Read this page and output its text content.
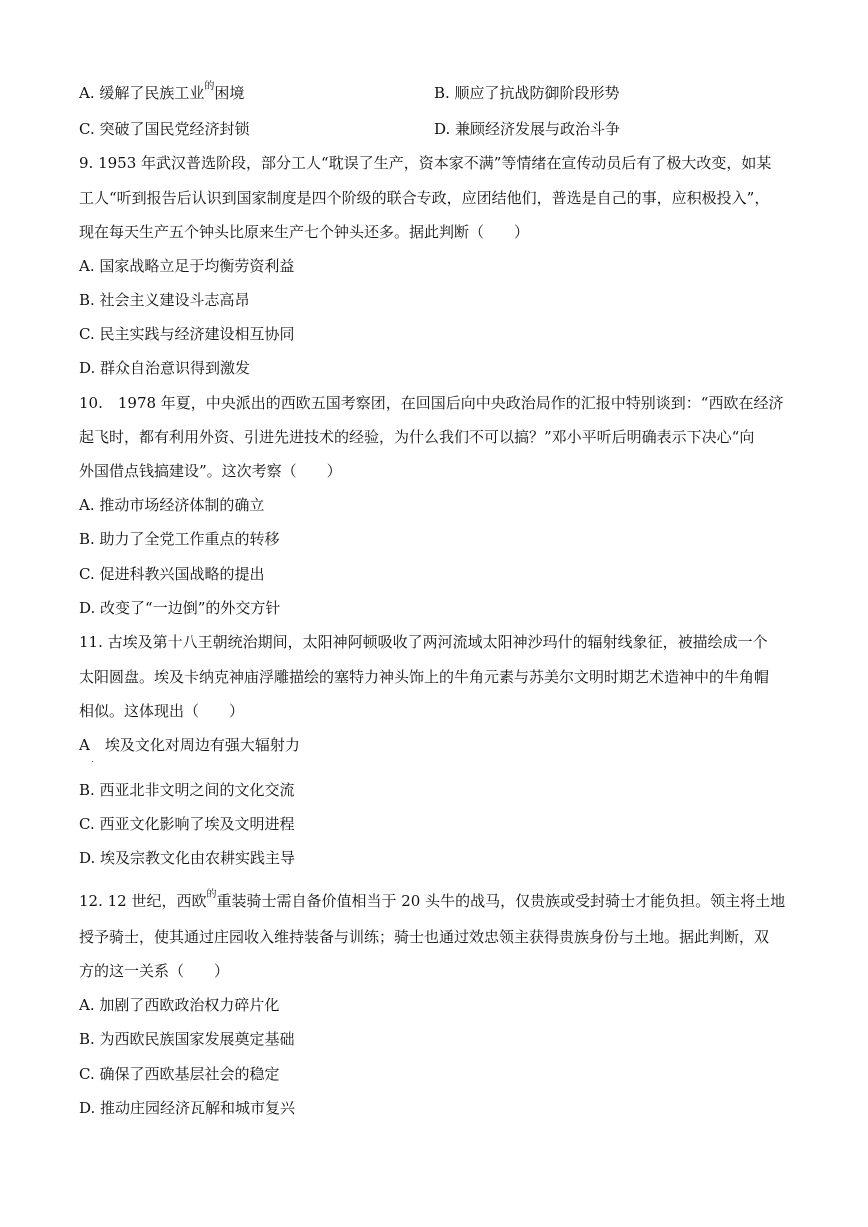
A. 缓解了民族工业$^的$困境	B. 顺应了抗战防御阶段形势
C. 突破了国民党经济封锁	D. 兼顾经济发展与政治斗争
9. 1953 年武汉普选阶段，部分工人“耽误了生产，资本家不满”等情绪在宣传动员后有了极大改变，如某
工人“听到报告后认识到国家制度是四个阶级的联合专政，应团结他们，普选是自己的事，应积极投入”，
现在每天生产五个钟头比原来生产七个钟头还多。据此判断（　　）
A. 国家战略立足于均衡劳资利益
B. 社会主义建设斗志高昂
C. 民主实践与经济建设相互协同
D. 群众自治意识得到激发
10.　1978 年夏，中央派出的西欧五国考察团，在回国后向中央政治局作的汇报中特别谈到：“西欧在经济
起飞时，都有利用外资、引进先进技术的经验，为什么我们不可以搞？”邓小平听后明确表示下决心“向
外国借点钱搞建设”。这次考察（　　）
A. 推动市场经济体制的确立
B. 助力了全党工作重点的转移
C. 促进科教兴国战略的提出
D. 改变了“一边倒”的外交方针
11. 古埃及第十八王朝统治期间，太阳神阿顿吸收了两河流域太阳神沙玛什的辐射线象征，被描绘成一个
太阳圆盘。埃及卡纳克神庙浮雕描绘的塞特力神头饰上的牛角元素与苏美尔文明时期艺术造神中的牛角帽
相似。这体现出（　　）
A　埃及文化对周边有强大辐射力
.
B. 西亚北非文明之间的文化交流
C. 西亚文化影响了埃及文明进程
D. 埃及宗教文化由农耕实践主导
12. 12 世纪，西欧$^的$重装骑士需自备价值相当于 20 头牛的战马，仅贵族或受封骑士才能负担。领主将土地
授予骑士，使其通过庄园收入维持装备与训练；骑士也通过效忠领主获得贵族身份与土地。据此判断，双
方的这一关系（　　）
A. 加剧了西欧政治权力碎片化
B. 为西欧民族国家发展奠定基础
C. 确保了西欧基层社会的稳定
D. 推动庄园经济瓦解和城市复兴
